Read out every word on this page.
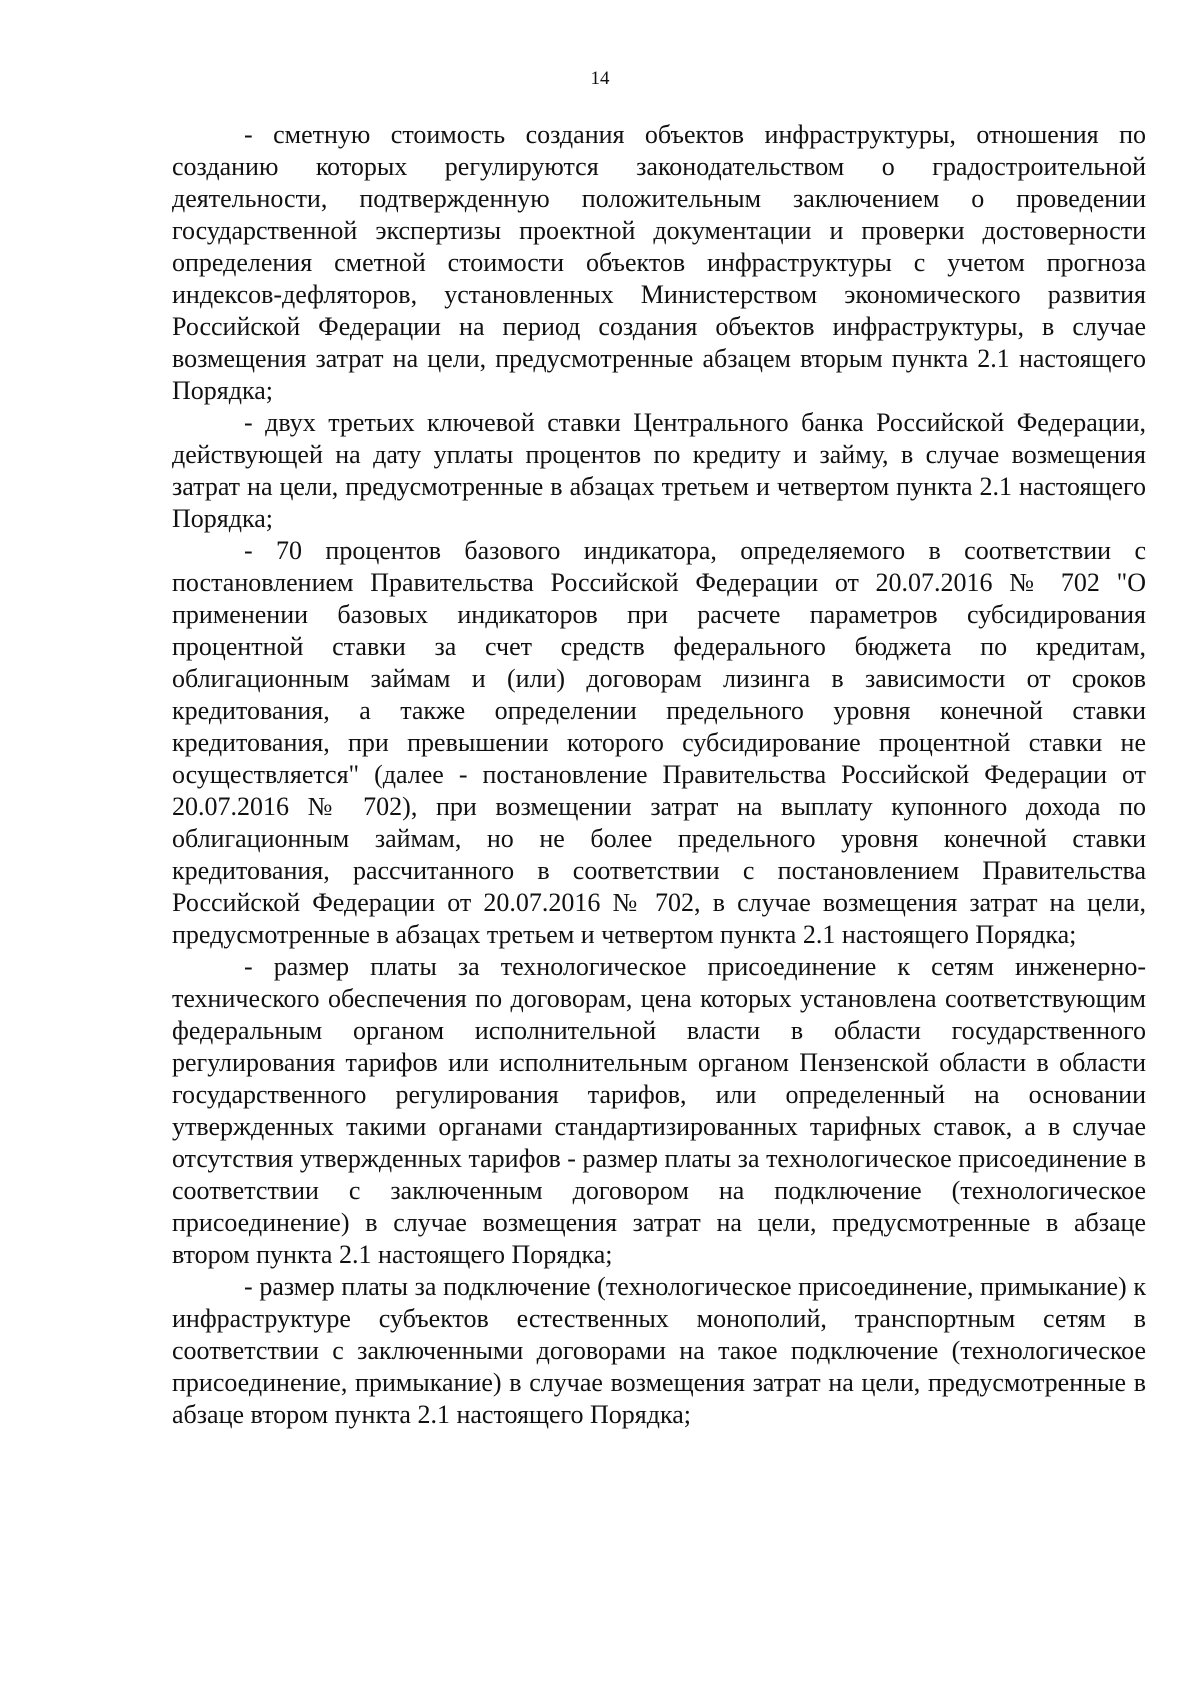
14

- сметную стоимость создания объектов инфраструктуры, отношения по созданию которых регулируются законодательством о градостроительной деятельности, подтвержденную положительным заключением о проведении государственной экспертизы проектной документации и проверки достоверности определения сметной стоимости объектов инфраструктуры с учетом прогноза индексов-дефляторов, установленных Министерством экономического развития Российской Федерации на период создания объектов инфраструктуры, в случае возмещения затрат на цели, предусмотренные абзацем вторым пункта 2.1 настоящего Порядка;

- двух третьих ключевой ставки Центрального банка Российской Федерации, действующей на дату уплаты процентов по кредиту и займу, в случае возмещения затрат на цели, предусмотренные в абзацах третьем и четвертом пункта 2.1 настоящего Порядка;

- 70 процентов базового индикатора, определяемого в соответствии с постановлением Правительства Российской Федерации от 20.07.2016 № 702 "О применении базовых индикаторов при расчете параметров субсидирования процентной ставки за счет средств федерального бюджета по кредитам, облигационным займам и (или) договорам лизинга в зависимости от сроков кредитования, а также определении предельного уровня конечной ставки кредитования, при превышении которого субсидирование процентной ставки не осуществляется" (далее - постановление Правительства Российской Федерации от 20.07.2016 № 702), при возмещении затрат на выплату купонного дохода по облигационным займам, но не более предельного уровня конечной ставки кредитования, рассчитанного в соответствии с постановлением Правительства Российской Федерации от 20.07.2016 № 702, в случае возмещения затрат на цели, предусмотренные в абзацах третьем и четвертом пункта 2.1 настоящего Порядка;

- размер платы за технологическое присоединение к сетям инженерно-технического обеспечения по договорам, цена которых установлена соответствующим федеральным органом исполнительной власти в области государственного регулирования тарифов или исполнительным органом Пензенской области в области государственного регулирования тарифов, или определенный на основании утвержденных такими органами стандартизированных тарифных ставок, а в случае отсутствия утвержденных тарифов - размер платы за технологическое присоединение в соответствии с заключенным договором на подключение (технологическое присоединение) в случае возмещения затрат на цели, предусмотренные в абзаце втором пункта 2.1 настоящего Порядка;

- размер платы за подключение (технологическое присоединение, примыкание) к инфраструктуре субъектов естественных монополий, транспортным сетям в соответствии с заключенными договорами на такое подключение (технологическое присоединение, примыкание) в случае возмещения затрат на цели, предусмотренные в абзаце втором пункта 2.1 настоящего Порядка;
